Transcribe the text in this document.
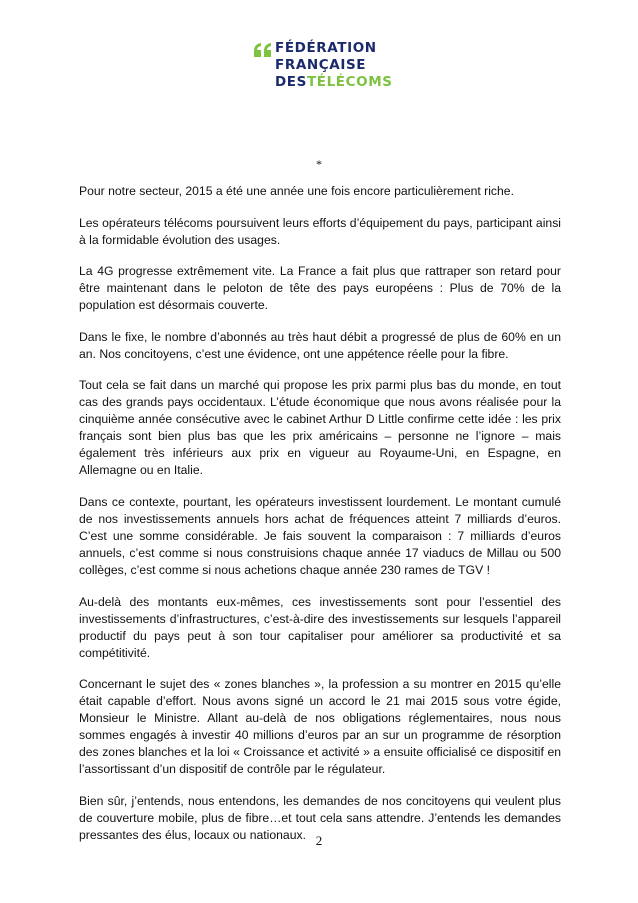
FÉDÉRATION
FRANÇAISE
DESTÉLÉCOMS
*

Pour notre secteur, 2015 a été une année une fois encore particulièrement riche.

Les opérateurs télécoms poursuivent leurs efforts d’équipement du pays, participant ainsi à la formidable évolution des usages.

La 4G progresse extrêmement vite. La France a fait plus que rattraper son retard pour être maintenant dans le peloton de tête des pays européens : Plus de 70% de la population est désormais couverte.

Dans le fixe, le nombre d’abonnés au très haut débit a progressé de plus de 60% en un an. Nos concitoyens, c’est une évidence, ont une appétence réelle pour la fibre.

Tout cela se fait dans un marché qui propose les prix parmi plus bas du monde, en tout cas des grands pays occidentaux. L’étude économique que nous avons réalisée pour la cinquième année consécutive avec le cabinet Arthur D Little confirme cette idée : les prix français sont bien plus bas que les prix américains – personne ne l’ignore – mais également très inférieurs aux prix en vigueur au Royaume-Uni, en Espagne, en Allemagne ou en Italie.

Dans ce contexte, pourtant, les opérateurs investissent lourdement. Le montant cumulé de nos investissements annuels hors achat de fréquences atteint 7 milliards d’euros. C’est une somme considérable. Je fais souvent la comparaison : 7 milliards d’euros annuels, c’est comme si nous construisions chaque année 17 viaducs de Millau ou 500 collèges, c’est comme si nous achetions chaque année 230 rames de TGV !

Au-delà des montants eux-mêmes, ces investissements sont pour l’essentiel des investissements d’infrastructures, c’est-à-dire des investissements sur lesquels l’appareil productif du pays peut à son tour capitaliser pour améliorer sa productivité et sa compétitivité.

Concernant le sujet des « zones blanches », la profession a su montrer en 2015 qu’elle était capable d’effort. Nous avons signé un accord le 21 mai 2015 sous votre égide, Monsieur le Ministre. Allant au-delà de nos obligations réglementaires, nous nous sommes engagés à investir 40 millions d’euros par an sur un programme de résorption des zones blanches et la loi « Croissance et activité » a ensuite officialisé ce dispositif en l’assortissant d’un dispositif de contrôle par le régulateur.

Bien sûr, j’entends, nous entendons, les demandes de nos concitoyens qui veulent plus de couverture mobile, plus de fibre…et tout cela sans attendre. J’entends les demandes pressantes des élus, locaux ou nationaux. 2
